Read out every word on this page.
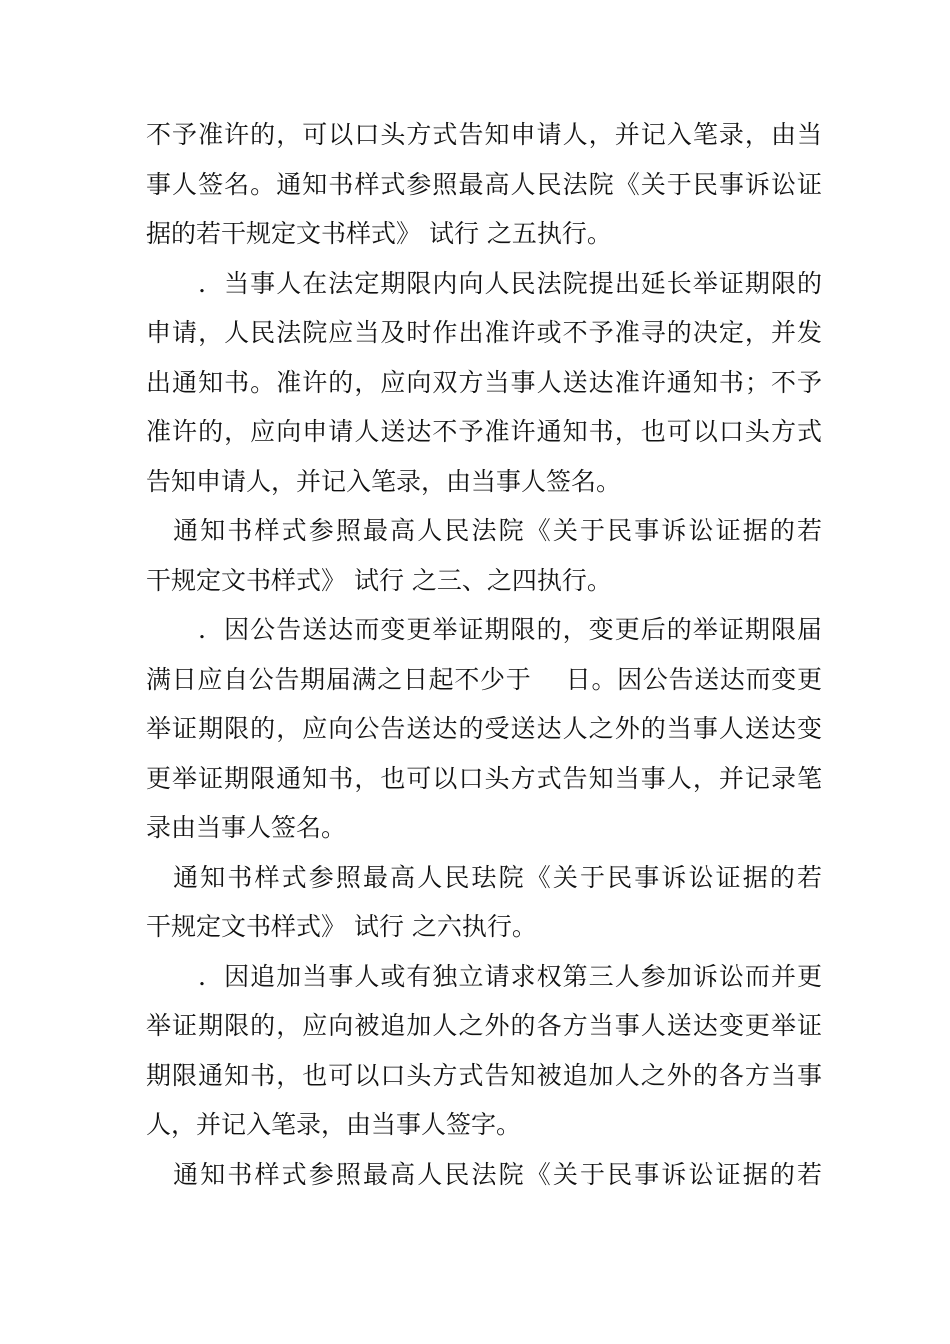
不予准许的，可以口头方式告知申请人，并记入笔录，由当
事人签名。通知书样式参照最高人民法院《关于民事诉讼证
据的若干规定文书样式》 试行 之五执行。
　　．当事人在法定期限内向人民法院提出延长举证期限的
申请，人民法院应当及时作出准许或不予准寻的决定，并发
出通知书。准许的，应向双方当事人送达准许通知书；不予
准许的，应向申请人送达不予准许通知书，也可以口头方式
告知申请人，并记入笔录，由当事人签名。
　通知书样式参照最高人民法院《关于民事诉讼证据的若
干规定文书样式》 试行 之三、之四执行。
　　．因公告送达而变更举证期限的，变更后的举证期限届
满日应自公告期届满之日起不少于　 日。因公告送达而变更
举证期限的，应向公告送达的受送达人之外的当事人送达变
更举证期限通知书，也可以口头方式告知当事人，并记录笔
录由当事人签名。
　通知书样式参照最高人民珐院《关于民事诉讼证据的若
干规定文书样式》 试行 之六执行。
　　．因追加当事人或有独立请求权第三人参加诉讼而并更
举证期限的，应向被追加人之外的各方当事人送达变更举证
期限通知书，也可以口头方式告知被追加人之外的各方当事
人，并记入笔录，由当事人签字。
　通知书样式参照最高人民法院《关于民事诉讼证据的若
